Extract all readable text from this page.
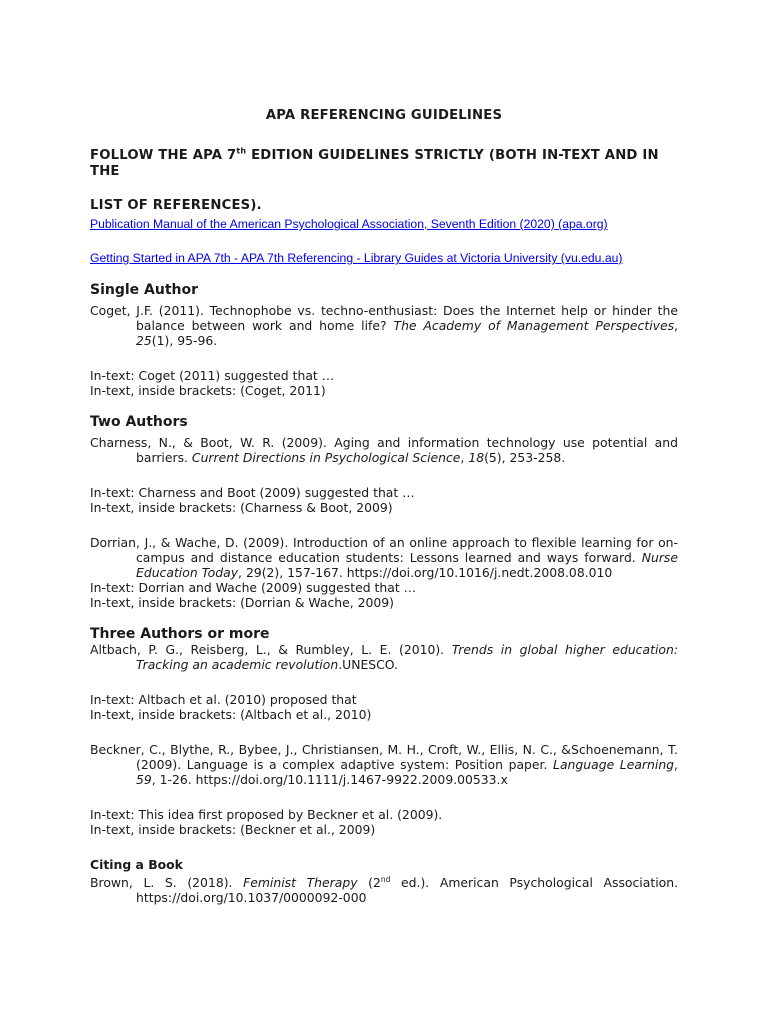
APA REFERENCING GUIDELINES

FOLLOW THE APA 7th EDITION GUIDELINES STRICTLY (BOTH IN-TEXT AND IN THE

LIST OF REFERENCES).

Publication Manual of the American Psychological Association, Seventh Edition (2020) (apa.org)
Getting Started in APA 7th - APA 7th Referencing - Library Guides at Victoria University (vu.edu.au)
Single Author

Coget, J.F. (2011). Technophobe vs. techno-enthusiast: Does the Internet help or hinder the balance between work and home life? The Academy of Management Perspectives, 25(1), 95-96.

In-text: Coget (2011) suggested that …

In-text, inside brackets: (Coget, 2011)

Two Authors

Charness, N., & Boot, W. R. (2009). Aging and information technology use potential and barriers. Current Directions in Psychological Science, 18(5), 253-258.

In-text: Charness and Boot (2009) suggested that …

In-text, inside brackets: (Charness & Boot, 2009)

Dorrian, J., & Wache, D. (2009). Introduction of an online approach to flexible learning for on-campus and distance education students: Lessons learned and ways forward. Nurse Education Today, 29(2), 157-167. https://doi.org/10.1016/j.nedt.2008.08.010

In-text: Dorrian and Wache (2009) suggested that …

In-text, inside brackets: (Dorrian & Wache, 2009)

Three Authors or more

Altbach, P. G., Reisberg, L., & Rumbley, L. E. (2010). Trends in global higher education: Tracking an academic revolution.UNESCO.

In-text: Altbach et al. (2010) proposed that

In-text, inside brackets: (Altbach et al., 2010)

Beckner, C., Blythe, R., Bybee, J., Christiansen, M. H., Croft, W., Ellis, N. C., &Schoenemann, T. (2009). Language is a complex adaptive system: Position paper. Language Learning, 59, 1-26. https://doi.org/10.1111/j.1467-9922.2009.00533.x

In-text: This idea first proposed by Beckner et al. (2009).

In-text, inside brackets: (Beckner et al., 2009)

Citing a Book

Brown, L. S. (2018). Feminist Therapy (2nd ed.). American Psychological Association. https://doi.org/10.1037/0000092-000
